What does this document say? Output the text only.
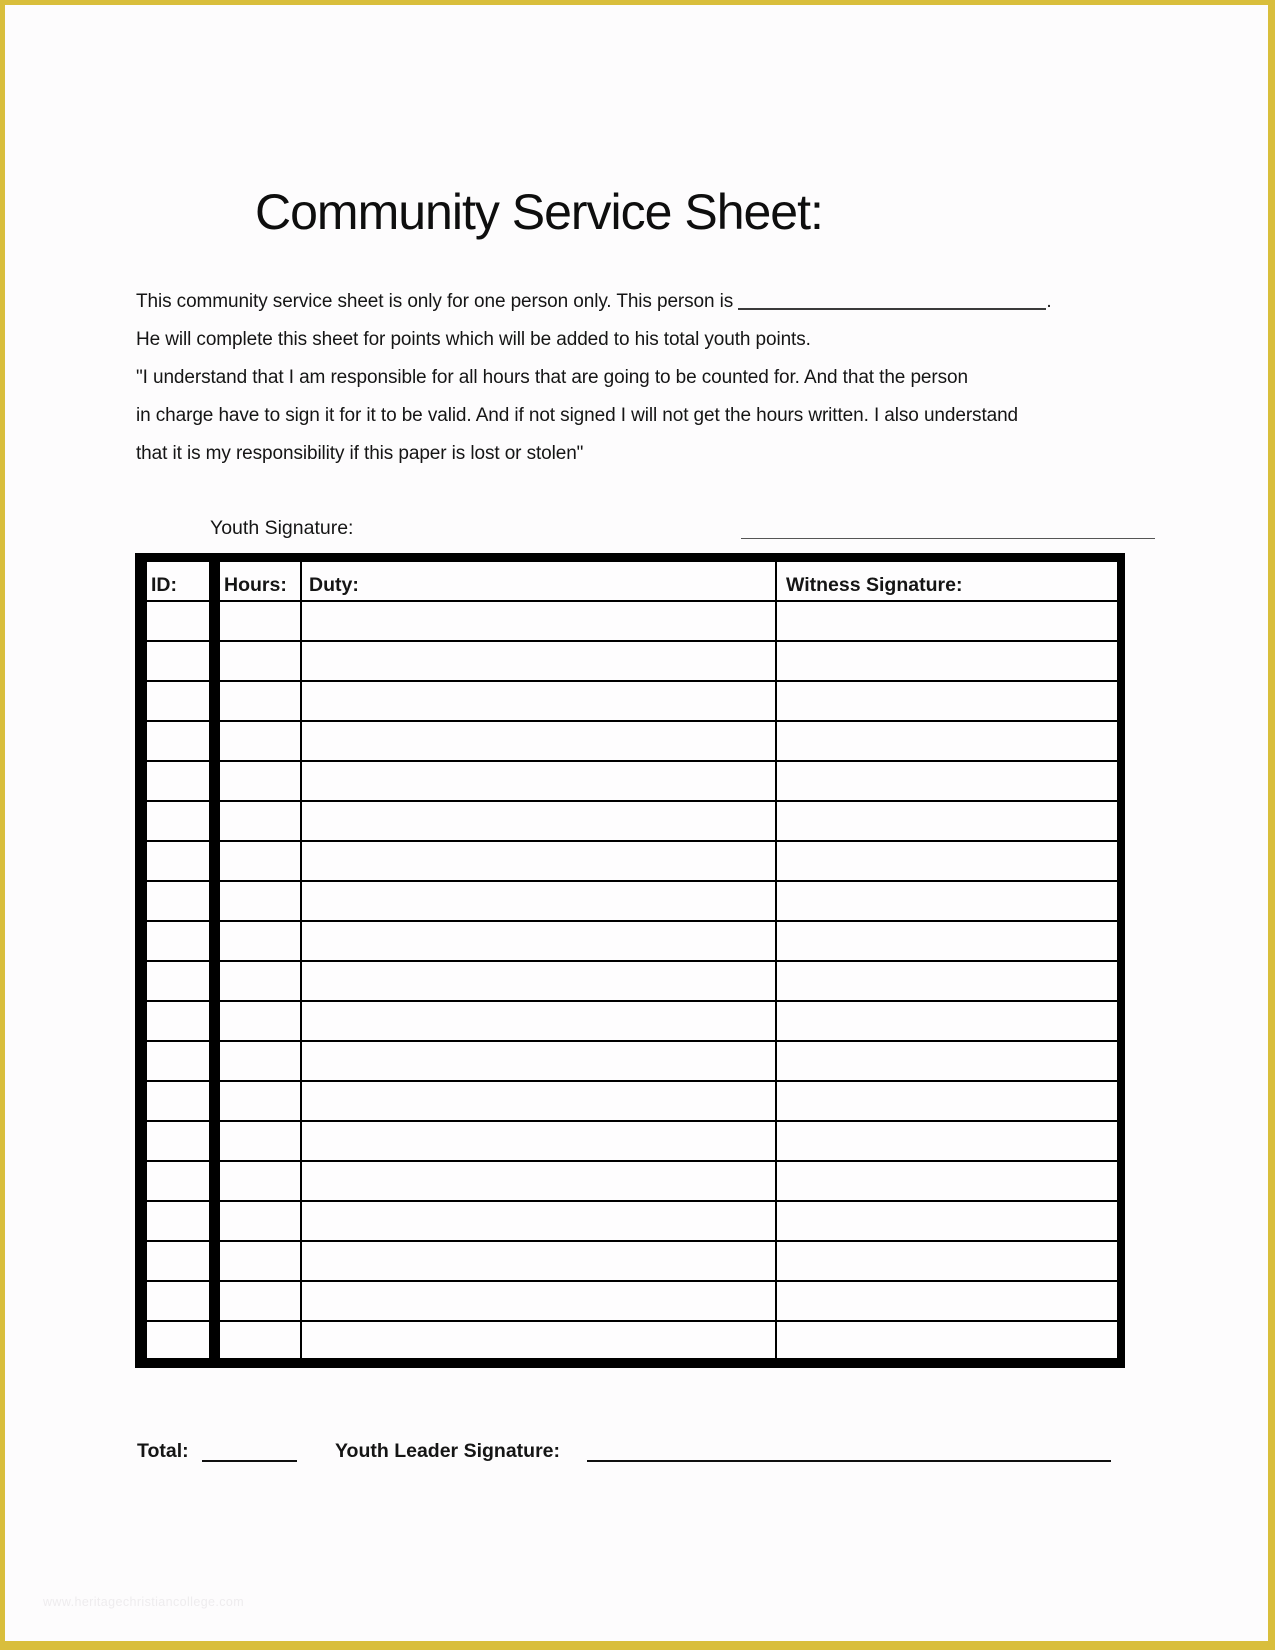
Community Service Sheet:
This community service sheet is only for one person only. This person is	.
He will complete this sheet for points which will be added to his total youth points.
"I understand that I am responsible for all hours that are going to be counted for. And that the person
in charge have to sign it for it to be valid. And if not signed I will not get the hours written. I also understand
that it is my responsibility if this paper is lost or stolen"
Youth Signature:
ID:	Hours:	Duty:	Witness Signature:
Total:	Youth Leader Signature:
www.heritagechristiancollege.com
